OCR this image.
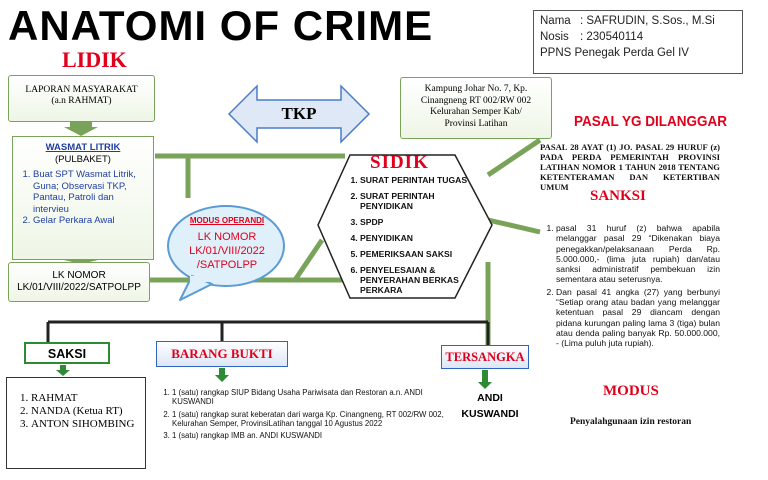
ANATOMI OF CRIME
LIDIK
Nama : SAFRUDIN, S.Sos., M.Si
Nosis : 230540114
PPNS Penegak Perda Gel IV
LAPORAN MASYARAKAT
(a.n RAHMAT)
WASMAT LITRIK
(PULBAKET)
1. Buat SPT Wasmat Litrik, Guna; Observasi TKP, Pantau, Patroli dan intervieu
2. Gelar Perkara Awal
LK NOMOR
LK/01/VIII/2022/SATPOLPP
TKP
Kampung Johar No. 7, Kp.
Cinangneng RT 002/RW 002
Kelurahan Semper Kab/
Provinsi Latihan	PASAL YG DILANGGAR
PASAL 28 AYAT (1) JO. PASAL 29 HURUF (z) PADA PERDA PEMERINTAH PROVINSI LATIHAN NOMOR 1 TAHUN 2018 TENTANG KETENTERAMAN DAN KETERTIBAN UMUM
SANKSI
1. pasal 31 huruf (z) bahwa apabila melanggar pasal 29 “Dikenakan biaya penegakkan/pelaksanaan Perda Rp. 5.000.000,- (lima juta rupiah) dan/atau sanksi administratif pembekuan izin sementara atau seterusnya.
2. Dan pasal 41 angka (27) yang berbunyi “Setiap orang atau badan yang melanggar ketentuan pasal 29 diancam dengan pidana kurungan paling lama 3 (tiga) bulan atau denda paling banyak Rp. 50.000.000, - (Lima puluh juta rupiah).
MODUS
Penyalahgunaan izin restoran
SIDIK
1. SURAT PERINTAH TUGAS
2. SURAT PERINTAH PENYIDIKAN
3. SPDP
4. PENYIDIKAN
5. PEMERIKSAAN SAKSI
6. PENYELESAIAN & PENYERAHAN BERKAS PERKARA
MODUS OPERANDI
LK NOMOR
LK/01/VIII/2022
/SATPOLPP
SAKSI
1. RAHMAT
2. NANDA (Ketua RT)
3. ANTON SIHOMBING
BARANG BUKTI
1. 1 (satu) rangkap SIUP Bidang Usaha Pariwisata dan Restoran a.n. ANDI KUSWANDI
2. 1 (satu) rangkap surat keberatan dari warga Kp. Cinangneng, RT 002/RW 002, Kelurahan Semper, ProvinsiLatihan tanggal 10 Agustus 2022
3. 1 (satu) rangkap IMB an. ANDI KUSWANDI
TERSANGKA
ANDI
KUSWANDI
